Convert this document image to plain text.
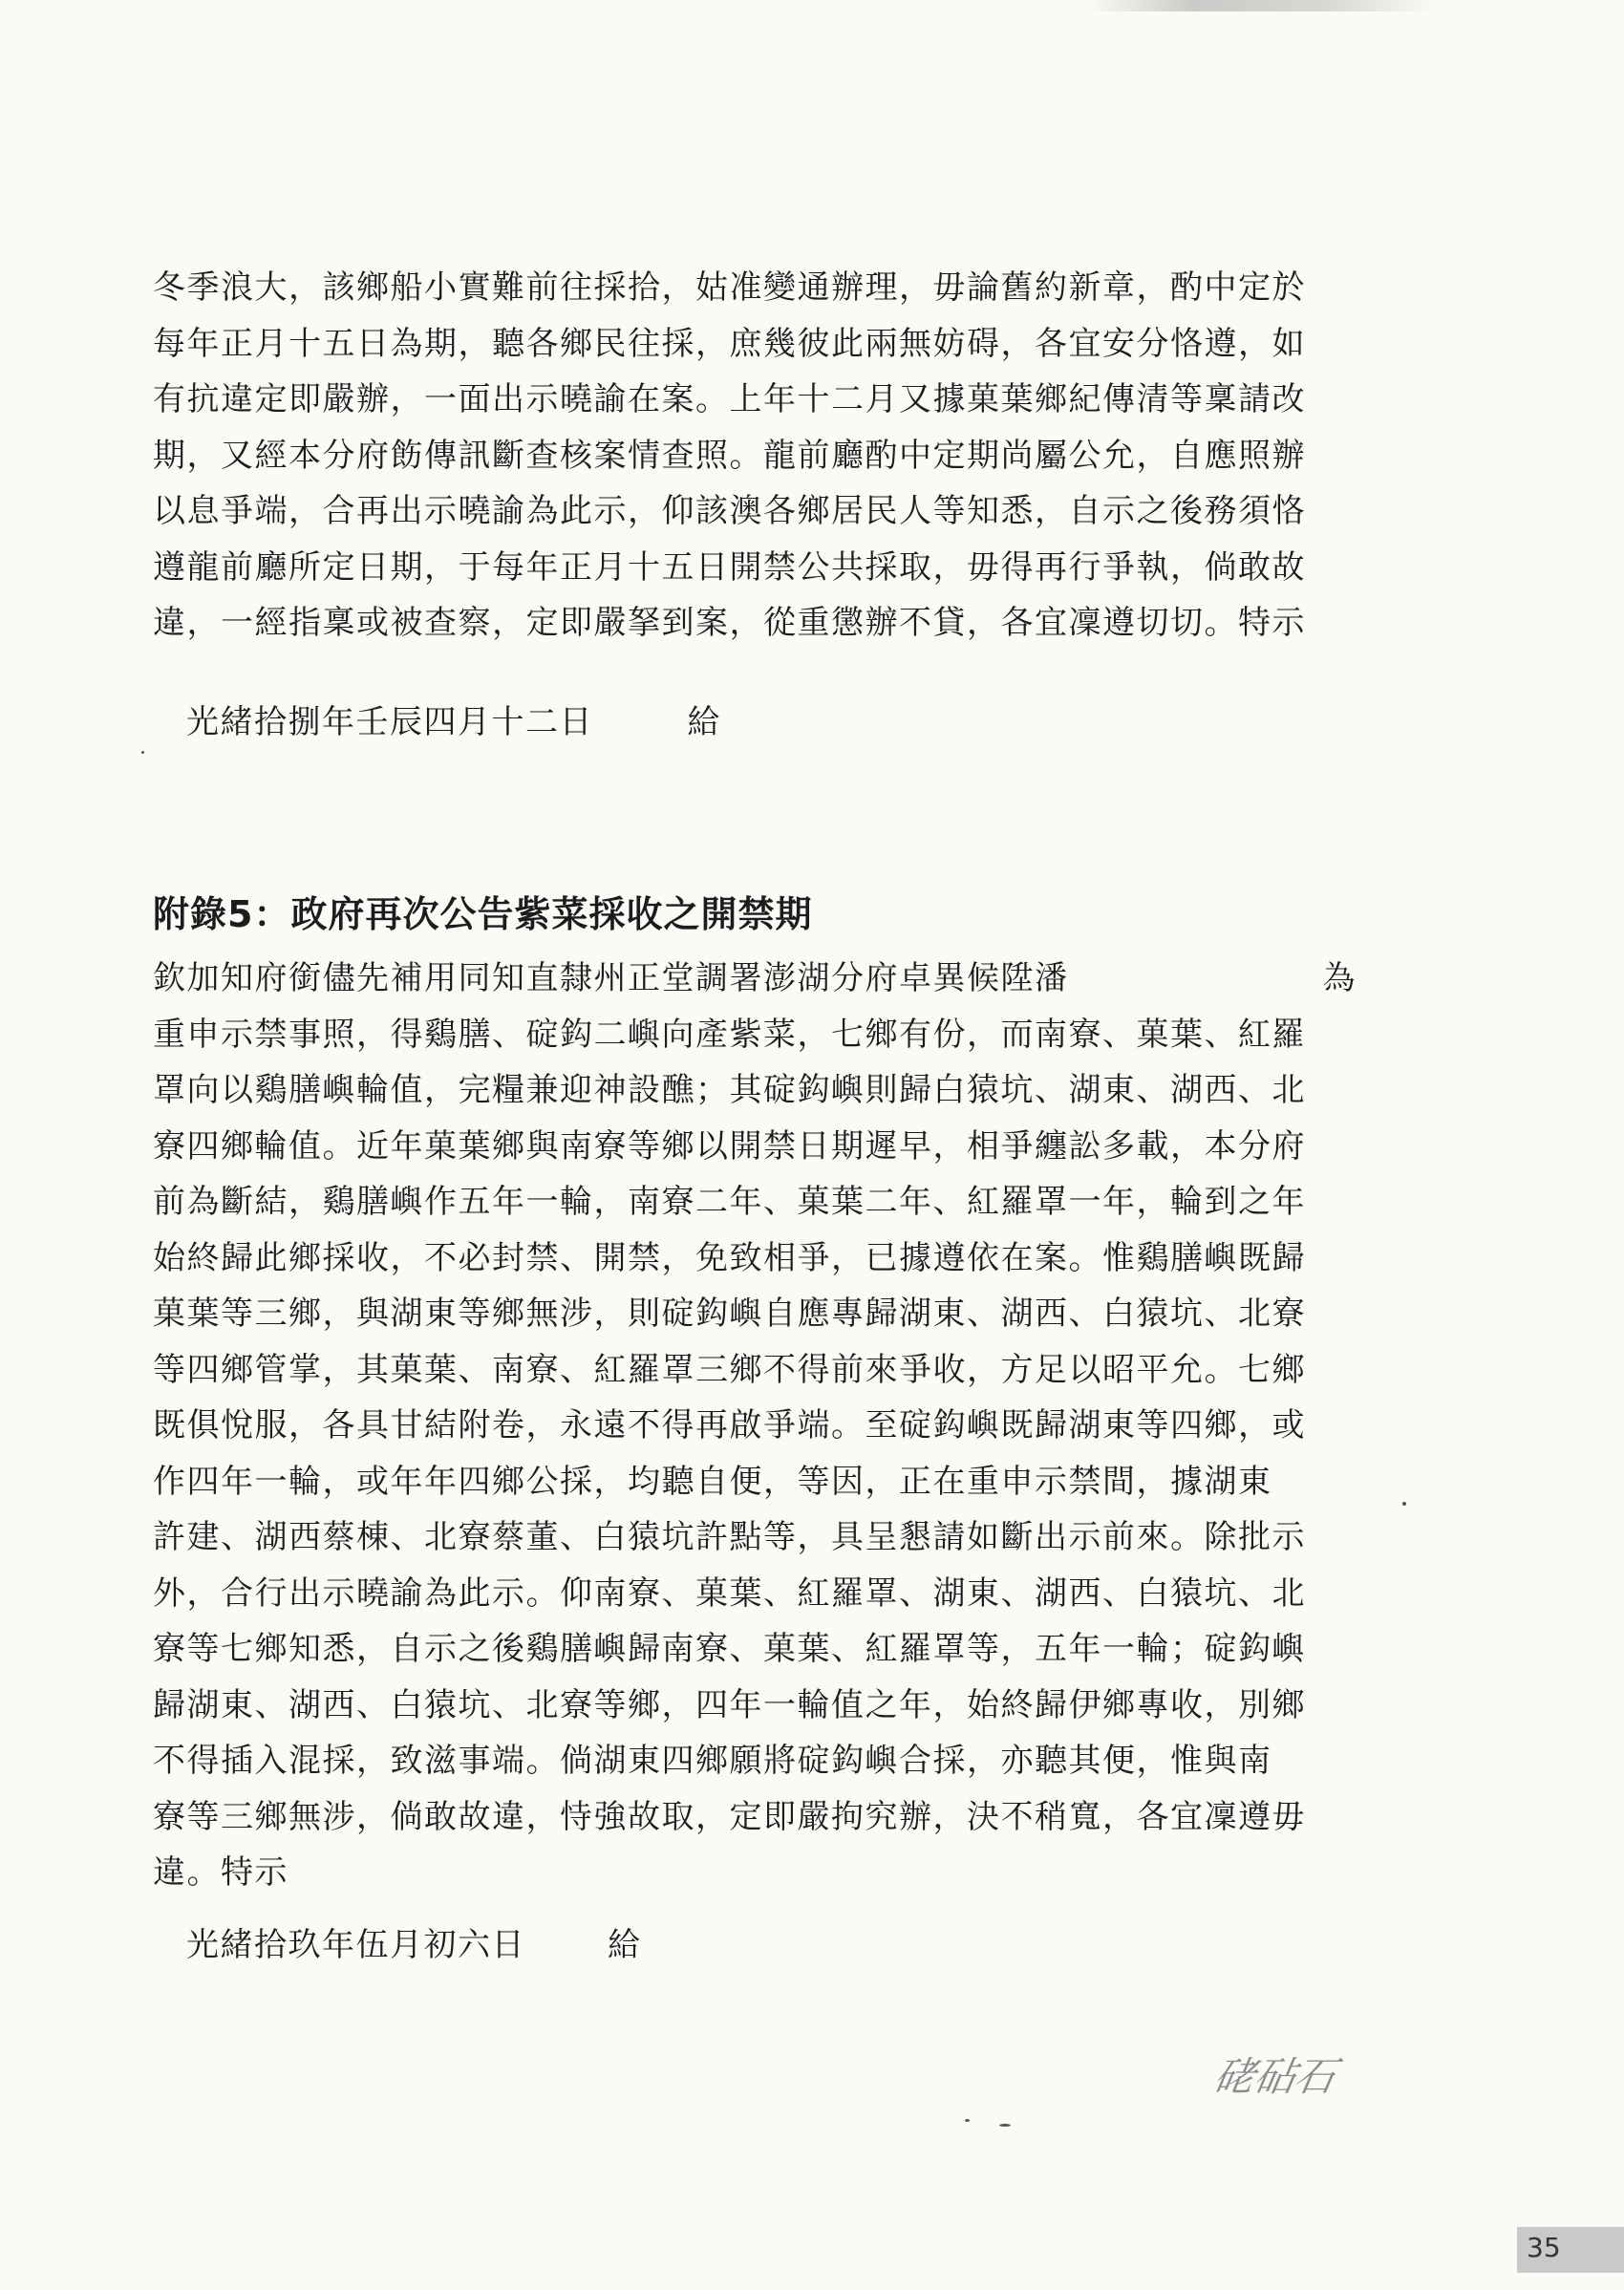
冬季浪大，該鄉船小實難前往採拾，姑准變通辦理，毋論舊約新章，酌中定於

每年正月十五日為期，聽各鄉民往採，庶幾彼此兩無妨碍，各宜安分恪遵，如

有抗違定即嚴辦，一面出示曉諭在案。上年十二月又據菓葉鄉紀傳清等稟請改

期，又經本分府飭傳訊斷查核案情查照。龍前廳酌中定期尚屬公允，自應照辦

以息爭端，合再出示曉諭為此示，仰該澳各鄉居民人等知悉，自示之後務須恪

遵龍前廳所定日期，于每年正月十五日開禁公共採取，毋得再行爭執，倘敢故

違，一經指稟或被查察，定即嚴拏到案，從重懲辦不貸，各宜凜遵切切。特示

光緒拾捌年壬辰四月十二日	給
附錄5：政府再次公告紫菜採收之開禁期

欽加知府銜儘先補用同知直隸州正堂調署澎湖分府卓異候陞潘	為

重申示禁事照，得鷄膳、碇鈎二嶼向產紫菜，七鄉有份，而南寮、菓葉、紅羅

罩向以鷄膳嶼輪值，完糧兼迎神設醮；其碇鈎嶼則歸白猿坑、湖東、湖西、北

寮四鄉輪值。近年菓葉鄉與南寮等鄉以開禁日期遲早，相爭纏訟多載，本分府

前為斷結，鷄膳嶼作五年一輪，南寮二年、菓葉二年、紅羅罩一年，輪到之年

始終歸此鄉採收，不必封禁、開禁，免致相爭，已據遵依在案。惟鷄膳嶼既歸

菓葉等三鄉，與湖東等鄉無涉，則碇鈎嶼自應專歸湖東、湖西、白猿坑、北寮

等四鄉管掌，其菓葉、南寮、紅羅罩三鄉不得前來爭收，方足以昭平允。七鄉

既俱悅服，各具甘結附卷，永遠不得再啟爭端。至碇鈎嶼既歸湖東等四鄉，或

作四年一輪，或年年四鄉公採，均聽自便，等因，正在重申示禁間，據湖東

許建、湖西蔡棟、北寮蔡董、白猿坑許點等，具呈懇請如斷出示前來。除批示

外，合行出示曉諭為此示。仰南寮、菓葉、紅羅罩、湖東、湖西、白猿坑、北

寮等七鄉知悉，自示之後鷄膳嶼歸南寮、菓葉、紅羅罩等，五年一輪；碇鈎嶼

歸湖東、湖西、白猿坑、北寮等鄉，四年一輪值之年，始終歸伊鄉專收，別鄉

不得插入混採，致滋事端。倘湖東四鄉願將碇鈎嶼合採，亦聽其便，惟與南

寮等三鄉無涉，倘敢故違，恃強故取，定即嚴拘究辦，決不稍寬，各宜凜遵毋

違。特示

光緒拾玖年伍月初六日	給
硓砧石
35
